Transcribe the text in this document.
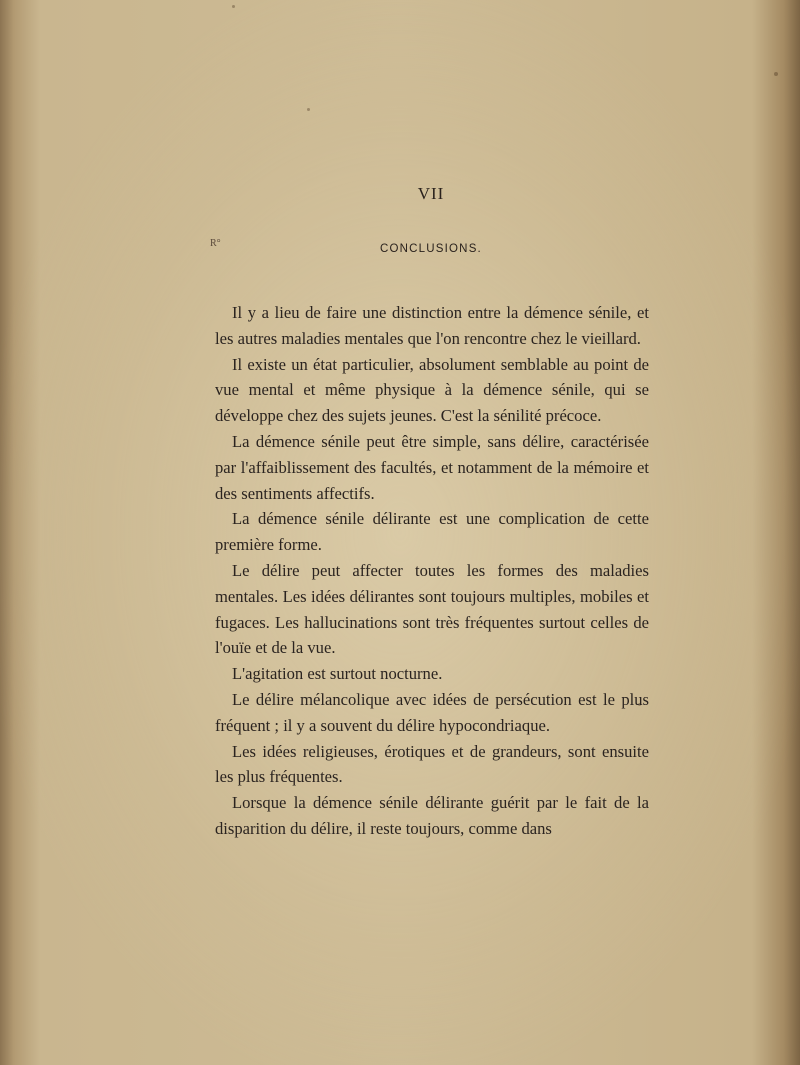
R°
VII
CONCLUSIONS.

Il y a lieu de faire une distinction entre la démence sénile, et les autres maladies mentales que l'on rencontre chez le vieillard.

Il existe un état particulier, absolument semblable au point de vue mental et même physique à la démence sénile, qui se développe chez des sujets jeunes. C'est la sénilité précoce.

La démence sénile peut être simple, sans délire, caractérisée par l'affaiblissement des facultés, et notamment de la mémoire et des sentiments affectifs.

La démence sénile délirante est une complication de cette première forme.

Le délire peut affecter toutes les formes des maladies mentales. Les idées délirantes sont toujours multiples, mobiles et fugaces. Les hallucinations sont très fréquentes surtout celles de l'ouïe et de la vue.

L'agitation est surtout nocturne.

Le délire mélancolique avec idées de persécution est le plus fréquent ; il y a souvent du délire hypocondriaque.

Les idées religieuses, érotiques et de grandeurs, sont ensuite les plus fréquentes.

Lorsque la démence sénile délirante guérit par le fait de la disparition du délire, il reste toujours, comme dans
